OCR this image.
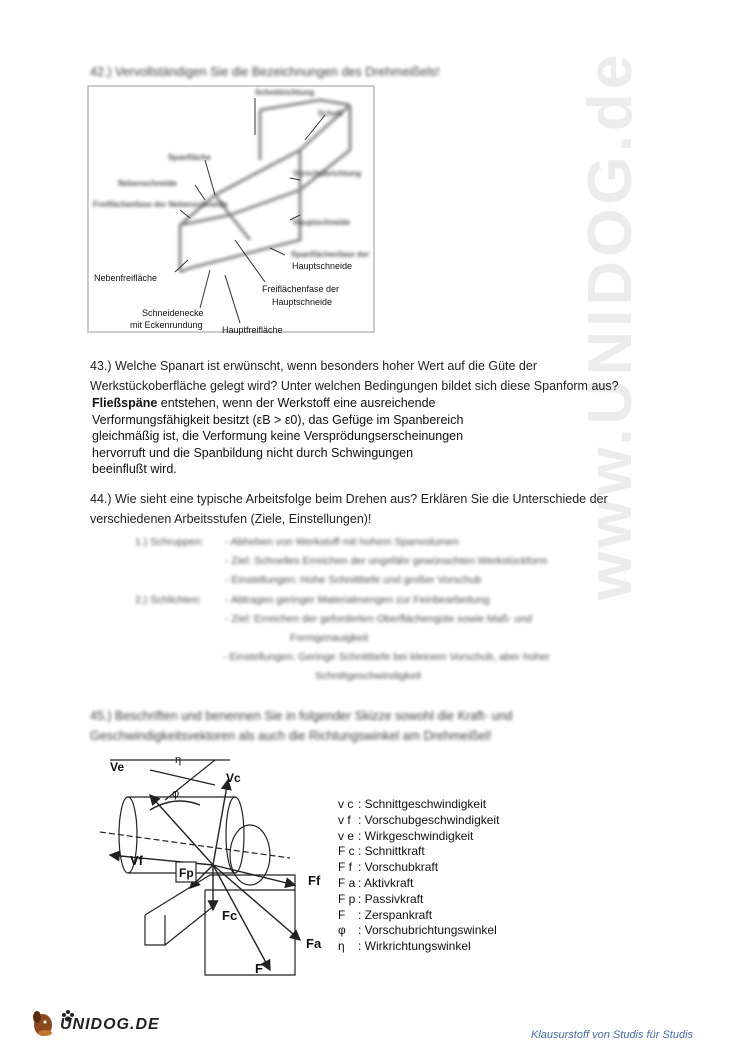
www.UNIDOG.de
42.) Vervollständigen Sie die Bezeichnungen des Drehmeißels!
Schnittrichtung
Schaft
Spanfläche
Nebenschneide
Freiflächenfase der Nebenschneide
Vorschubrichtung
Hauptschneide
Spanflächenfase der
Hauptschneide
Nebenfreifläche
Freiflächenfase der
Hauptschneide
Schneidenecke
mit Eckenrundung Hauptfreifläche
43.) Welche Spanart ist erwünscht, wenn besonders hoher Wert auf die Güte der
Werkstückoberfläche gelegt wird? Unter welchen Bedingungen bildet sich diese Spanform aus?
Fließspäne entstehen, wenn der Werkstoff eine ausreichende
Verformungsfähigkeit besitzt (εB > ε0), das Gefüge im Spanbereich
gleichmäßig ist, die Verformung keine Versprödungserscheinungen
hervorruft und die Spanbildung nicht durch Schwingungen
beeinflußt wird.
44.) Wie sieht eine typische Arbeitsfolge beim Drehen aus? Erklären Sie die Unterschiede der
verschiedenen Arbeitsstufen (Ziele, Einstellungen)!
1.) Schruppen: - Abheben von Werkstoff mit hohem Spanvolumen
- Ziel: Schnelles Erreichen der ungefähr gewünschten Werkstückform
- Einstellungen: Hohe Schnitttiefe und großer Vorschub
2.) Schlichten: - Abtragen geringer Materialmengen zur Feinbearbeitung
- Ziel: Erreichen der geforderten Oberflächengüte sowie Maß- und
Formgenauigkeit
- Einstellungen: Geringe Schnitttiefe bei kleinem Vorschub, aber hoher
Schnittgeschwindigkeit
45.) Beschriften und benennen Sie in folgender Skizze sowohl die Kraft- und
Geschwindigkeitsvektoren als auch die Richtungswinkel am Drehmeißel!
Ve
Vc
η
φ
Vf
Fp	Ff
Fc
Fa
F
v c : Schnittgeschwindigkeit
v f : Vorschubgeschwindigkeit
v e : Wirkgeschwindigkeit
F c : Schnittkraft
F f : Vorschubkraft
F a : Aktivkraft
F p : Passivkraft
F : Zerspankraft
φ : Vorschubrichtungswinkel
η : Wirkrichtungswinkel
UNIDOG.DE
Klausurstoff von Studis für Studis
